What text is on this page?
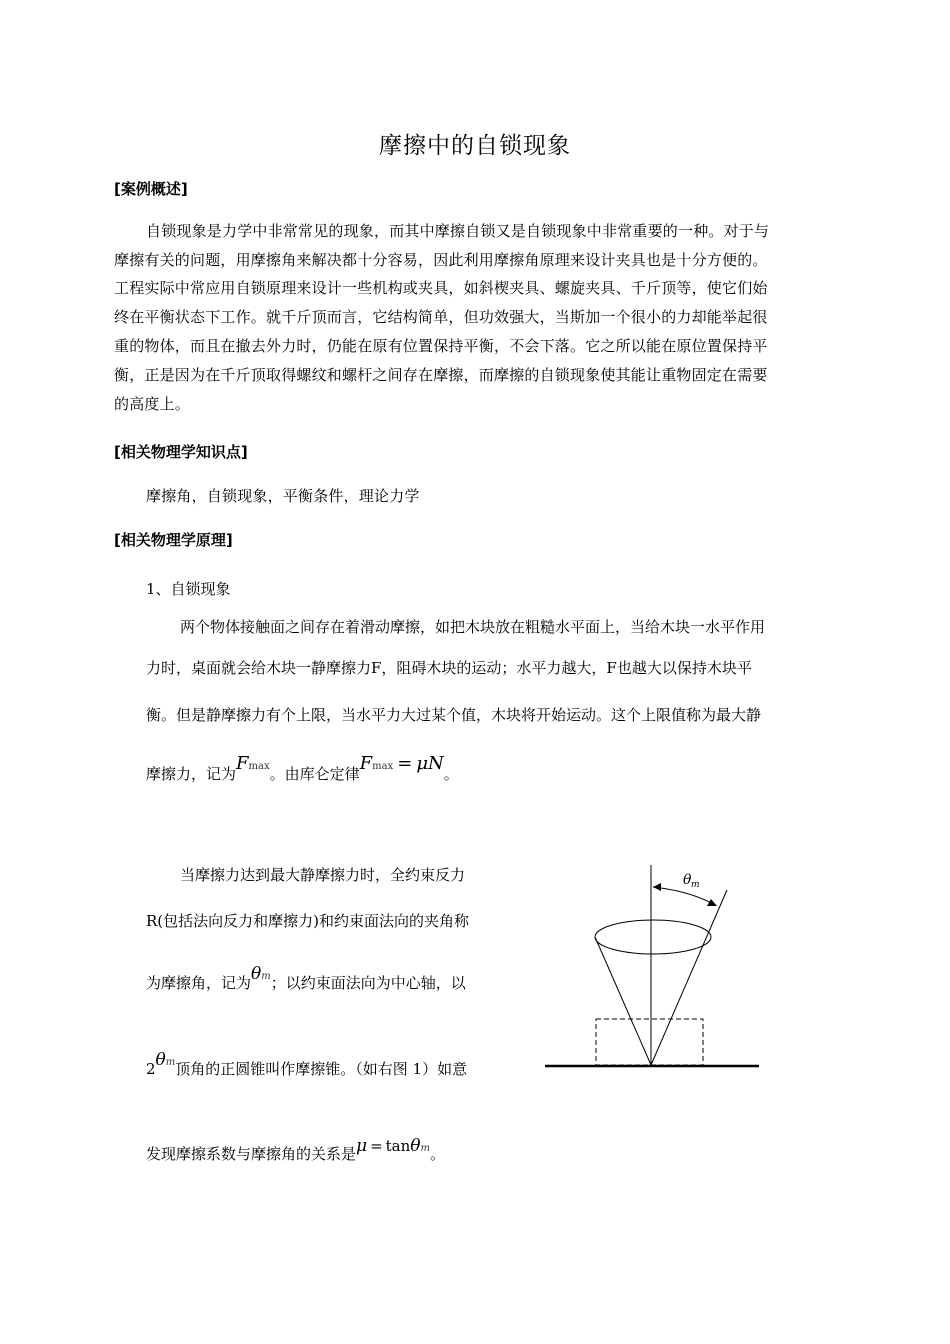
摩擦中的自锁现象
[案例概述]
自锁现象是力学中非常常见的现象，而其中摩擦自锁又是自锁现象中非常重要的一种。对于与
摩擦有关的问题，用摩擦角来解决都十分容易，因此利用摩擦角原理来设计夹具也是十分方便的。
工程实际中常应用自锁原理来设计一些机构或夹具，如斜楔夹具、螺旋夹具、千斤顶等，使它们始
终在平衡状态下工作。就千斤顶而言，它结构简单，但功效强大，当斯加一个很小的力却能举起很
重的物体，而且在撤去外力时，仍能在原有位置保持平衡，不会下落。它之所以能在原位置保持平
衡，正是因为在千斤顶取得螺纹和螺杆之间存在摩擦，而摩擦的自锁现象使其能让重物固定在需要
的高度上。
[相关物理学知识点]
摩擦角，自锁现象，平衡条件，理论力学
[相关物理学原理]
1、自锁现象
两个物体接触面之间存在着滑动摩擦，如把木块放在粗糙水平面上，当给木块一水平作用
力时，桌面就会给木块一静摩擦力F，阻碍木块的运动；水平力越大，F也越大以保持木块平
衡。但是静摩擦力有个上限，当水平力大过某个值，木块将开始运动。这个上限值称为最大静
摩擦力，记为Fmax。由库仑定律Fmax = μN。
当摩擦力达到最大静摩擦力时，全约束反力
R(包括法向反力和摩擦力)和约束面法向的夹角称
为摩擦角，记为θm；以约束面法向为中心轴，以
2θm顶角的正圆锥叫作摩擦锥。（如右图 1）如意
发现摩擦系数与摩擦角的关系是μ = tanθm。
θ m
